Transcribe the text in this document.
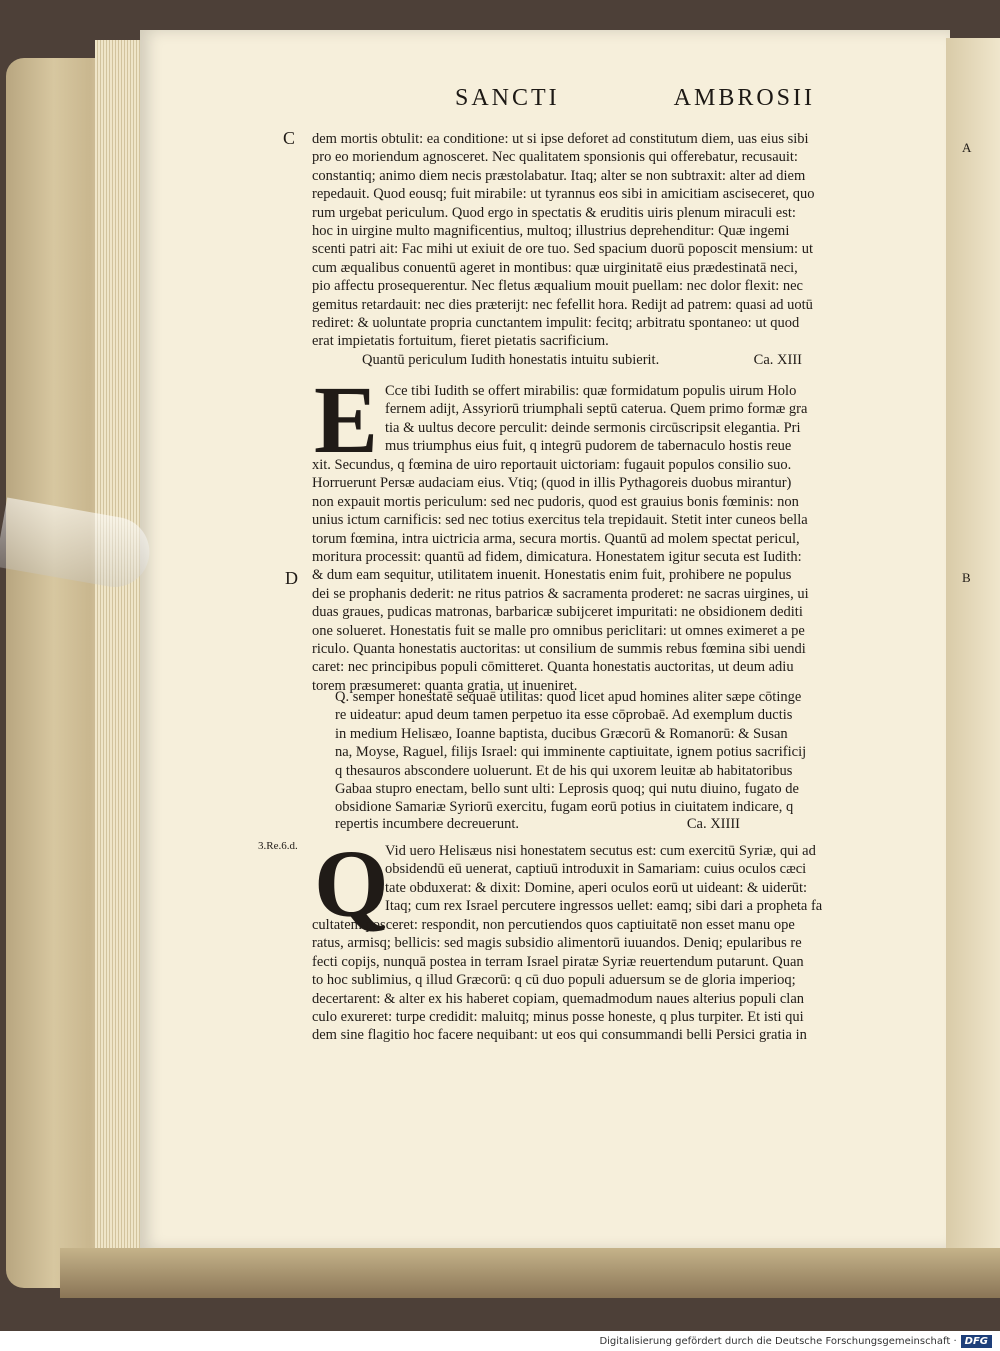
SANCTI	AMBROSII
C
D
3.Re.6.d.
A
B
dem mortis obtulit: ea conditione: ut si ipse deforet ad constitutum diem, uas eius sibi
pro eo moriendum agnosceret. Nec qualitatem sponsionis qui offerebatur, recusauit:
constantiq; animo diem necis præstolabatur. Itaq; alter se non subtraxit: alter ad diem
repedauit. Quod eousq; fuit mirabile: ut tyrannus eos sibi in amicitiam asciseceret, quo
rum urgebat periculum. Quod ergo in spectatis & eruditis uiris plenum miraculi est:
hoc in uirgine multo magnificentius, multoq; illustrius deprehenditur: Quæ ingemi
scenti patri ait: Fac mihi ut exiuit de ore tuo. Sed spacium duorū poposcit mensium: ut
cum æqualibus conuentū ageret in montibus: quæ uirginitatē eius prædestinatā neci,
pio affectu prosequerentur. Nec fletus æqualium mouit puellam: nec dolor flexit: nec
gemitus retardauit: nec dies præterijt: nec fefellit hora. Redijt ad patrem: quasi ad uotū
rediret: & uoluntate propria cunctantem impulit: fecitq; arbitratu spontaneo: ut quod
erat impietatis fortuitum, fieret pietatis sacrificium.
Quantū periculum Iudith honestatis intuitu subierit.	Ca. XIII
E Cce tibi Iudith se offert mirabilis: quæ formidatum populis uirum Holo
fernem adijt, Assyriorū triumphali septū caterua. Quem primo formæ gra
tia & uultus decore perculit: deinde sermonis circūscripsit elegantia. Pri
mus triumphus eius fuit, q integrū pudorem de tabernaculo hostis reue
xit. Secundus, q fœmina de uiro reportauit uictoriam: fugauit populos consilio suo.
Horruerunt Persæ audaciam eius. Vtiq; (quod in illis Pythagoreis duobus mirantur)
non expauit mortis periculum: sed nec pudoris, quod est grauius bonis fœminis: non
unius ictum carnificis: sed nec totius exercitus tela trepidauit. Stetit inter cuneos bella
torum fœmina, intra uictricia arma, secura mortis. Quantū ad molem spectat pericul,
moritura processit: quantū ad fidem, dimicatura. Honestatem igitur secuta est Iudith:
& dum eam sequitur, utilitatem inuenit. Honestatis enim fuit, prohibere ne populus
dei se prophanis dederit: ne ritus patrios & sacramenta proderet: ne sacras uirgines, ui
duas graues, pudicas matronas, barbaricæ subijceret impuritati: ne obsidionem dediti
one solueret. Honestatis fuit se malle pro omnibus periclitari: ut omnes eximeret a pe
riculo. Quanta honestatis auctoritas: ut consilium de summis rebus fœmina sibi uendi
caret: nec principibus populi cōmitteret. Quanta honestatis auctoritas, ut deum adiu
torem præsumeret: quanta gratia, ut inueniret.
Q. semper honestatē sequaē utilitas: quod licet apud homines aliter sæpe cōtinge
re uideatur: apud deum tamen perpetuo ita esse cōprobaē. Ad exemplum ductis
in medium Helisæo, Ioanne baptista, ducibus Græcorū & Romanorū: & Susan
na, Moyse, Raguel, filijs Israel: qui imminente captiuitate, ignem potius sacrificij
q thesauros abscondere uoluerunt. Et de his qui uxorem leuitæ ab habitatoribus
Gabaa stupro enectam, bello sunt ulti: Leprosis quoq; qui nutu diuino, fugato de
obsidione Samariæ Syriorū exercitu, fugam eorū potius in ciuitatem indicare, q
repertis incumbere decreuerunt.	Ca. XIIII
Q
Vid uero Helisæus nisi honestatem secutus est: cum exercitū Syriæ, qui ad
obsidendū eū uenerat, captiuū introduxit in Samariam: cuius oculos cæci
tate obduxerat: & dixit: Domine, aperi oculos eorū ut uideant: & uiderūt:
Itaq; cum rex Israel percutere ingressos uellet: eamq; sibi dari a propheta fa
cultatem posceret: respondit, non percutiendos quos captiuitatē non esset manu ope
ratus, armisq; bellicis: sed magis subsidio alimentorū iuuandos. Deniq; epularibus re
fecti copijs, nunquā postea in terram Israel piratæ Syriæ reuertendum putarunt. Quan
to hoc sublimius, q illud Græcorū: q cū duo populi aduersum se de gloria imperioq;
decertarent: & alter ex his haberet copiam, quemadmodum naues alterius populi clan
culo exureret: turpe credidit: maluitq; minus posse honeste, q plus turpiter. Et isti qui
dem sine flagitio hoc facere nequibant: ut eos qui consummandi belli Persici gratia in
Digitalisierung gefördert durch die Deutsche Forschungsgemeinschaft · DFG
